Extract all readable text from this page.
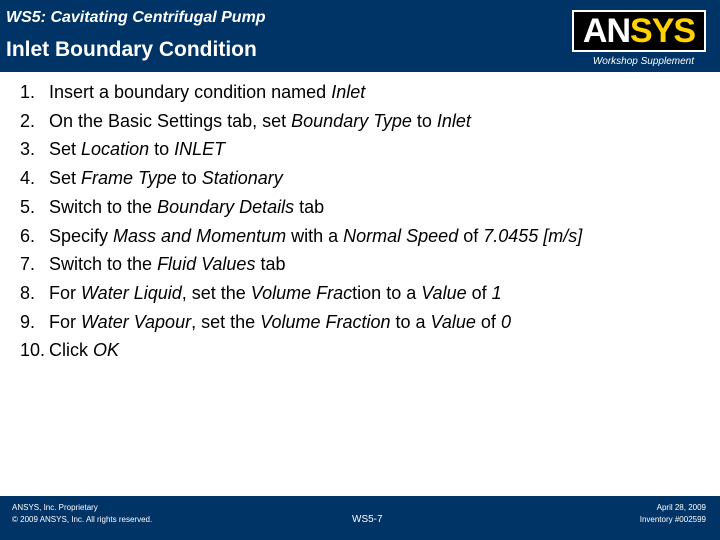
WS5: Cavitating Centrifugal Pump
Inlet Boundary Condition	AN SYS
Workshop Supplement
1. Insert a boundary condition named Inlet
2. On the Basic Settings tab, set Boundary Type to Inlet
3. Set Location to INLET
4. Set Frame Type to Stationary
5. Switch to the Boundary Details tab
6. Specify Mass and Momentum with a Normal Speed of 7.0455 [m/s]
7. Switch to the Fluid Values tab
8. For Water Liquid, set the Volume Fraction to a Value of 1
9. For Water Vapour, set the Volume Fraction to a Value of 0
10. Click OK
ANSYS, Inc. Proprietary
© 2009 ANSYS, Inc. All rights reserved.	WS5-7
April 28, 2009
Inventory #002599
